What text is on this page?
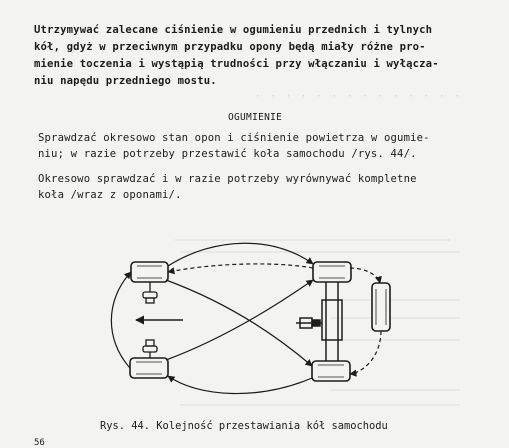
·  ·  ·  ·  ·  ·  ·  ·  ·  ·  ·  ·  ·  ·
Utrzymywać zalecane ciśnienie w ogumieniu przednich i tylnych
kół, gdyż w przeciwnym przypadku opony będą miały różne pro-
mienie toczenia i wystąpią trudności przy włączaniu i wyłącza-
niu napędu przedniego mostu.
OGUMIENIE
Sprawdzać okresowo stan opon i ciśnienie powietrza w ogumie-
niu; w razie potrzeby przestawić koła samochodu /rys. 44/.
Okresowo sprawdzać i w razie potrzeby wyrównywać kompletne
koła /wraz z oponami/.
Rys. 44. Kolejność przestawiania kół samochodu
56
